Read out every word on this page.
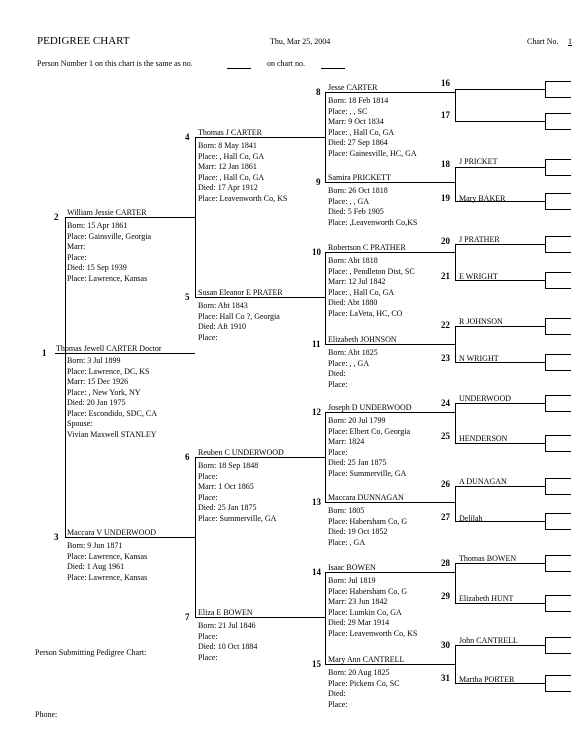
PEDIGREE CHART	Thu, Mar 25, 2004	Chart No. 1
Person Number 1 on this chart is the same as no.	on chart no.
1 Thomas Jewell CARTER Doctor
Born: 3 Jul 1899
Place: Lawrence, DC, KS
Marr: 15 Dec 1926
Place: , New York, NY
Died: 20 Jan 1975
Place: Escondido, SDC, CA
Spouse:
Vivian Maxwell STANLEY
2 William Jessie CARTER
Born: 15 Apr 1861
Place: Gainsville, Georgia
Marr:
Place:
Died: 15 Sep 1939
Place: Lawrence, Kansas
3 Maccara V UNDERWOOD
Born: 9 Jun 1871
Place: Lawrence, Kansas
Died: 1 Aug 1961
Place: Lawrence, Kansas
4 Thomas J CARTER
Born: 8 May 1841
Place: , Hall Co, GA
Marr: 12 Jan 1861
Place: , Hall Co, GA
Died: 17 Apr 1912
Place: Leavenworth Co, KS
5 Susan Eleanor E PRATER
Born: Abt 1843
Place: Hall Co ?, Georgia
Died: Aft 1910
Place:
6 Reuben C UNDERWOOD
Born: 18 Sep 1848
Place:
Marr: 1 Oct 1865
Place:
Died: 25 Jan 1875
Place: Summerville, GA
7 Eliza E BOWEN
Born: 21 Jul 1846
Place:
Died: 10 Oct 1884
Place:
8 Jesse CARTER
Born: 18 Feb 1814
Place: , , SC
Marr: 9 Oct 1834
Place: , Hall Co, GA
Died: 27 Sep 1864
Place: Gainesville, HC, GA
9 Samira PRICKETT
Born: 26 Oct 1818
Place: , , GA
Died: 5 Feb 1905
Place: ,Leavenworth Co,KS
10 Robertson C PRATHER
Born: Abt 1818
Place: , Pendleton Dist, SC
Marr: 12 Jul 1842
Place: , Hall Co, GA
Died: Abt 1880
Place: LaVeta, HC, CO
11 Elizabeth JOHNSON
Born: Abt 1825
Place: , , GA
Died:
Place:
12 Joseph D UNDERWOOD
Born: 20 Jul 1799
Place: Elbert Co, Georgia
Marr: 1824
Place:
Died: 25 Jan 1875
Place: Summerville, GA
13 Maccara DUNNAGAN
Born: 1805
Place: Habersham Co, G
Died: 19 Oct 1852
Place: , GA
14 Isaac BOWEN
Born: Jul 1819
Place: Habersham Co, G
Marr: 23 Jun 1842
Place: Lumkin Co, GA
Died: 29 Mar 1914
Place: Leavenworth Co, KS
15 Mary Ann CANTRELL
Born: 20 Aug 1825
Place: Pickens Co, SC
Died:
Place:
16
17
18 J PRICKET
19 Mary BAKER
20 J PRATHER
21 E WRIGHT
22 R JOHNSON
23 N WRIGHT
24 UNDERWOOD
25 HENDERSON
26 A DUNAGAN
27 Delilah
28 Thomas BOWEN
29 Elizabeth HUNT
30 John CANTRELL
31 Martha PORTER
Person Submitting Pedigree Chart:
Phone:
